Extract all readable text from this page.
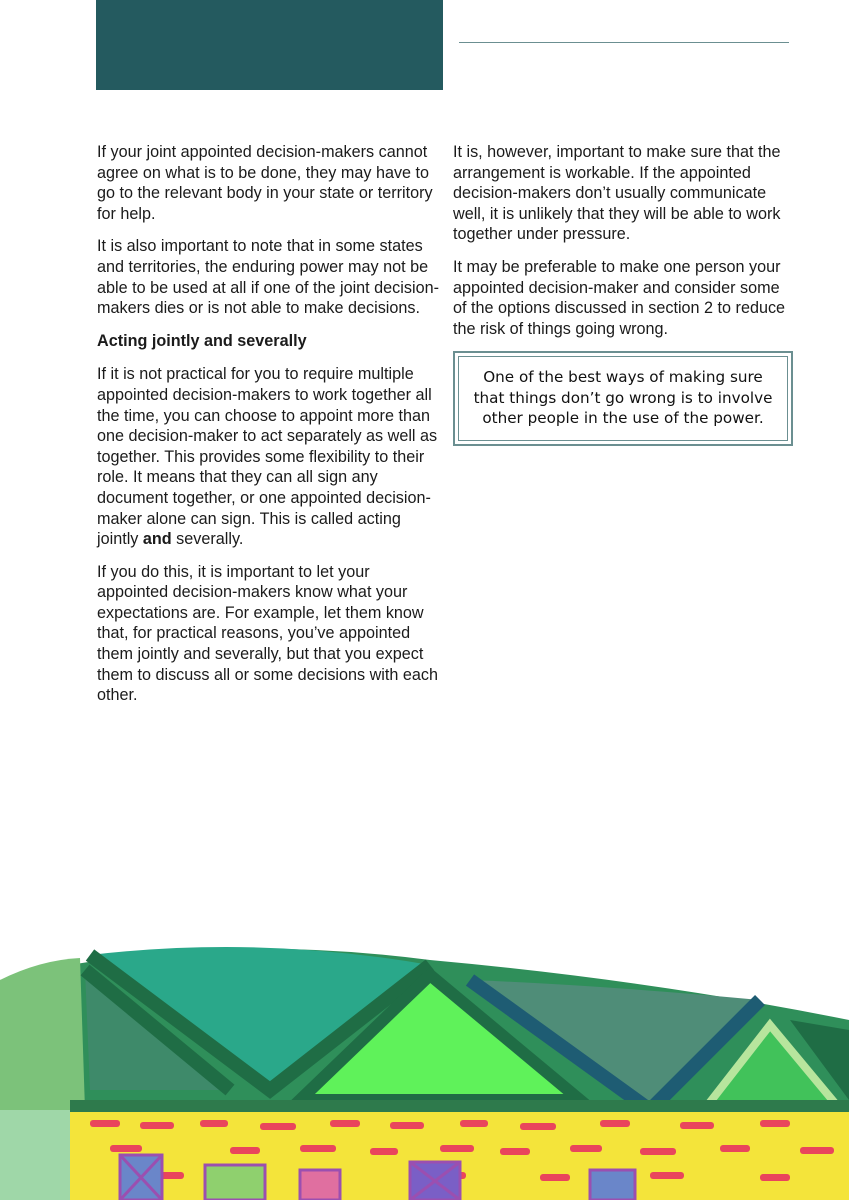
If your joint appointed decision-makers cannot agree on what is to be done, they may have to go to the relevant body in your state or territory for help.

It is also important to note that in some states and territories, the enduring power may not be able to be used at all if one of the joint decision-makers dies or is not able to make decisions.

Acting jointly and severally

If it is not practical for you to require multiple appointed decision-makers to work together all the time, you can choose to appoint more than one decision-maker to act separately as well as together. This provides some flexibility to their role. It means that they can all sign any document together, or one appointed decision-maker alone can sign. This is called acting jointly and severally.

If you do this, it is important to let your appointed decision-makers know what your expectations are. For example, let them know that, for practical reasons, you’ve appointed them jointly and severally, but that you expect them to discuss all or some decisions with each other.

It is, however, important to make sure that the arrangement is workable. If the appointed decision-makers don’t usually communicate well, it is unlikely that they will be able to work together under pressure.

It may be preferable to make one person your appointed decision-maker and consider some of the options discussed in section 2 to reduce the risk of things going wrong.

One of the best ways of making sure that things don’t go wrong is to involve other people in the use of the power.
